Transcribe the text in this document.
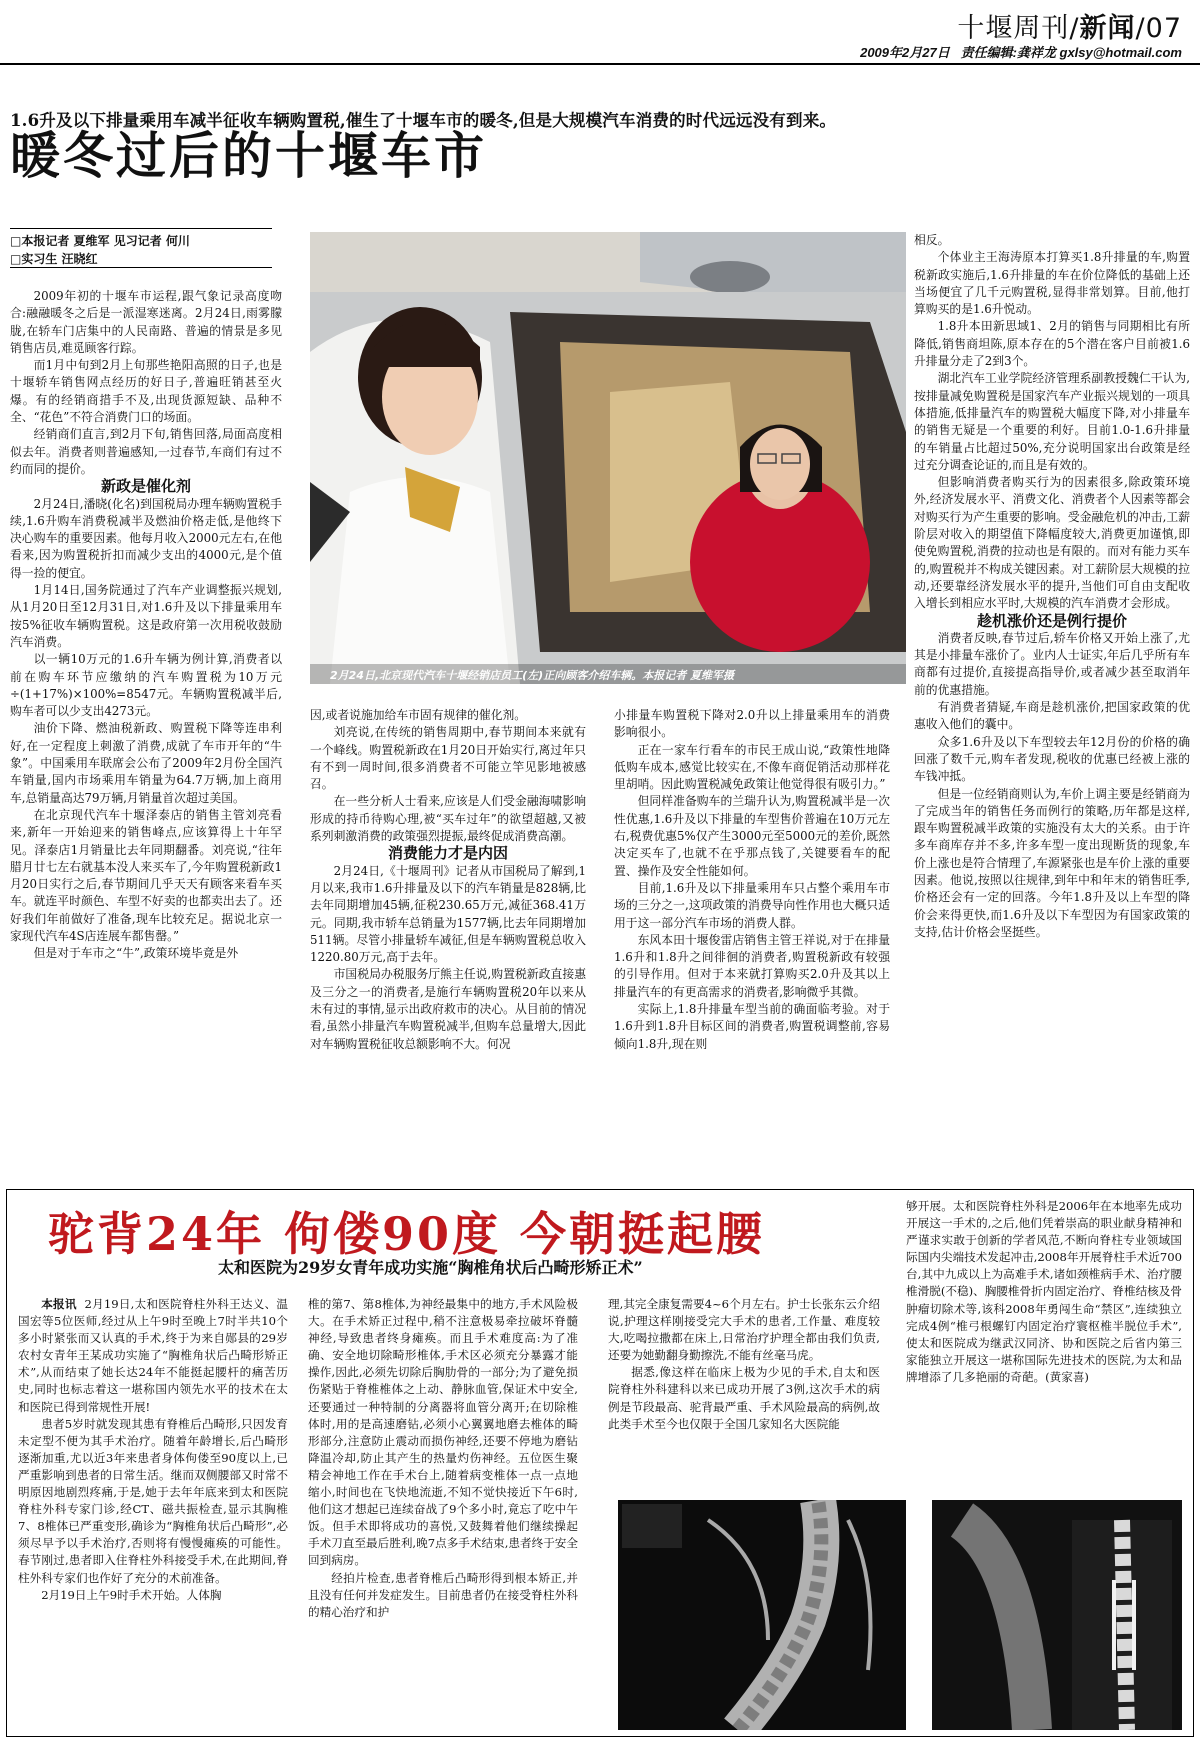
十堰周刊/新闻/07
2009年2月27日 责任编辑:龚祥龙 gxlsy@hotmail.com
1.6升及以下排量乘用车减半征收车辆购置税,催生了十堰车市的暖冬,但是大规模汽车消费的时代远远没有到来。
暖冬过后的十堰车市
□本报记者 夏维军 见习记者 何川
□实习生 汪晓红

2009年初的十堰车市运程,跟气象记录高度吻合:融融暖冬之后是一派湿寒迷离。2月24日,雨雾朦胧,在轿车门店集中的人民南路、普遍的情景是多见销售店员,难觅顾客行踪。

而1月中旬到2月上旬那些艳阳高照的日子,也是十堰轿车销售网点经历的好日子,普遍旺销甚至火爆。有的经销商措手不及,出现货源短缺、品种不全、“花色”不符合消费门口的场面。

经销商们直言,到2月下旬,销售回落,局面高度相似去年。消费者则普遍感知,一过春节,车商们有过不约而同的提价。

新政是催化剂

2月24日,潘晓(化名)到国税局办理车辆购置税手续,1.6升购车消费税减半及燃油价格走低,是他终下决心购车的重要因素。他每月收入2000元左右,在他看来,因为购置税折扣而减少支出的4000元,是个值得一捡的便宜。

1月14日,国务院通过了汽车产业调整振兴规划,从1月20日至12月31日,对1.6升及以下排量乘用车按5%征收车辆购置税。这是政府第一次用税收鼓励汽车消费。

以一辆10万元的1.6升车辆为例计算,消费者以前在购车环节应缴纳的汽车购置税为10万元÷(1+17%)×100%=8547元。车辆购置税减半后,购车者可以少支出4273元。

油价下降、燃油税新政、购置税下降等连串利好,在一定程度上刺激了消费,成就了车市开年的“牛象”。中国乘用车联席会公布了2009年2月份全国汽车销量,国内市场乘用车销量为64.7万辆,加上商用车,总销量高达79万辆,月销量首次超过美国。

在北京现代汽车十堰泽泰店的销售主管刘亮看来,新年一开始迎来的销售峰点,应该算得上十年罕见。泽泰店1月销量比去年同期翻番。刘亮说,“往年腊月廿七左右就基本没人来买车了,今年购置税新政1月20日实行之后,春节期间几乎天天有顾客来看车买车。就连平时颜色、车型不好卖的也都卖出去了。还好我们年前做好了准备,现车比较充足。据说北京一家现代汽车4S店连展车都售罄。”

但是对于车市之“牛”,政策环境毕竟是外

2月24日,北京现代汽车十堰经销店员工(左)正向顾客介绍车辆。本报记者 夏维军摄

因,或者说施加给车市固有规律的催化剂。

刘亮说,在传统的销售周期中,春节期间本来就有一个峰线。购置税新政在1月20日开始实行,离过年只有不到一周时间,很多消费者不可能立竿见影地被感召。

在一些分析人士看来,应该是人们受金融海啸影响形成的持币待购心理,被“买车过年”的欲望超越,又被系列刺激消费的政策强烈提振,最终促成消费高潮。

消费能力才是内因

2月24日,《十堰周刊》记者从市国税局了解到,1月以来,我市1.6升排量及以下的汽车销量是828辆,比去年同期增加45辆,征税230.65万元,减征368.41万元。同期,我市轿车总销量为1577辆,比去年同期增加511辆。尽管小排量轿车减征,但是车辆购置税总收入1220.80万元,高于去年。

市国税局办税服务厅熊主任说,购置税新政直接惠及三分之一的消费者,是施行车辆购置税20年以来从未有过的事情,显示出政府救市的决心。从目前的情况看,虽然小排量汽车购置税减半,但购车总量增大,因此对车辆购置税征收总额影响不大。何况

小排量车购置税下降对2.0升以上排量乘用车的消费影响很小。

正在一家车行看车的市民王成山说,“政策性地降低购车成本,感觉比较实在,不像车商促销活动那样花里胡哨。因此购置税减免政策让他觉得很有吸引力。”

但同样准备购车的兰瑞升认为,购置税减半是一次性优惠,1.6升及以下排量的车型售价普遍在10万元左右,税费优惠5%仅产生3000元至5000元的差价,既然决定买车了,也就不在乎那点钱了,关键要看车的配置、操作及安全性能如何。

目前,1.6升及以下排量乘用车只占整个乘用车市场的三分之一,这项政策的消费导向性作用也大概只适用于这一部分汽车市场的消费人群。

东风本田十堰俊雷店销售主管王祥说,对于在排量1.6升和1.8升之间徘徊的消费者,购置税新政有较强的引导作用。但对于本来就打算购买2.0升及其以上排量汽车的有更高需求的消费者,影响微乎其微。

实际上,1.8升排量车型当前的确面临考验。对于1.6升到1.8升目标区间的消费者,购置税调整前,容易倾向1.8升,现在则

相反。

个体业主王海涛原本打算买1.8升排量的车,购置税新政实施后,1.6升排量的车在价位降低的基础上还当场便宜了几千元购置税,显得非常划算。目前,他打算购买的是1.6升悦动。

1.8升本田新思域1、2月的销售与同期相比有所降低,销售商坦陈,原本存在的5个潜在客户目前被1.6升排量分走了2到3个。

湖北汽车工业学院经济管理系副教授魏仁干认为,按排量减免购置税是国家汽车产业振兴规划的一项具体措施,低排量汽车的购置税大幅度下降,对小排量车的销售无疑是一个重要的利好。目前1.0-1.6升排量的车销量占比超过50%,充分说明国家出台政策是经过充分调查论证的,而且是有效的。

但影响消费者购买行为的因素很多,除政策环境外,经济发展水平、消费文化、消费者个人因素等都会对购买行为产生重要的影响。受金融危机的冲击,工薪阶层对收入的期望值下降幅度较大,消费更加谨慎,即使免购置税,消费的拉动也是有限的。而对有能力买车的,购置税并不构成关键因素。对工薪阶层大规模的拉动,还要靠经济发展水平的提升,当他们可自由支配收入增长到相应水平时,大规模的汽车消费才会形成。

趁机涨价还是例行提价

消费者反映,春节过后,轿车价格又开始上涨了,尤其是小排量车涨价了。业内人士证实,年后几乎所有车商都有过提价,直接提高指导价,或者减少甚至取消年前的优惠措施。

有消费者猜疑,车商是趁机涨价,把国家政策的优惠收入他们的囊中。

众多1.6升及以下车型较去年12月份的价格的确回涨了数千元,购车者发现,税收的优惠已经被上涨的车钱冲抵。

但是一位经销商则认为,车价上调主要是经销商为了完成当年的销售任务而例行的策略,历年都是这样,跟车购置税减半政策的实施没有太大的关系。由于许多车商库存并不多,许多车型一度出现断货的现象,车价上涨也是符合情理了,车源紧张也是车价上涨的重要因素。他说,按照以往规律,到年中和年末的销售旺季,价格还会有一定的回落。今年1.8升及以上车型的降价会来得更快,而1.6升及以下车型因为有国家政策的支持,估计价格会坚挺些。

驼背24年 佝偻90度 今朝挺起腰
太和医院为29岁女青年成功实施“胸椎角状后凸畸形矫正术”

本报讯 2月19日,太和医院脊柱外科王达义、温国宏等5位医师,经过从上午9时至晚上7时半共10个多小时紧张而又认真的手术,终于为来自郧县的29岁农村女青年王某成功实施了“胸椎角状后凸畸形矫正术”,从而结束了她长达24年不能挺起腰杆的痛苦历史,同时也标志着这一堪称国内领先水平的技术在太和医院已得到常规性开展!

患者5岁时就发现其患有脊椎后凸畸形,只因发育未定型不便为其手术治疗。随着年龄增长,后凸畸形逐渐加重,尤以近3年来患者身体佝偻至90度以上,已严重影响到患者的日常生活。继而双侧腰部又时常不明原因地剧烈疼痛,于是,她于去年年底来到太和医院脊柱外科专家门诊,经CT、磁共振检查,显示其胸椎7、8椎体已严重变形,确诊为“胸椎角状后凸畸形”,必须尽早予以手术治疗,否则将有慢慢瘫痪的可能性。春节刚过,患者即入住脊柱外科接受手术,在此期间,脊柱外科专家们也作好了充分的术前准备。

2月19日上午9时手术开始。人体胸

椎的第7、第8椎体,为神经最集中的地方,手术风险极大。在手术矫正过程中,稍不注意极易牵拉破坏脊髓神经,导致患者终身瘫痪。而且手术难度高:为了准确、安全地切除畸形椎体,手术区必须充分暴露才能操作,因此,必须先切除后胸肋骨的一部分;为了避免损伤紧贴于脊椎椎体之上动、静脉血管,保证术中安全,还要通过一种特制的分离器将血管分离开;在切除椎体时,用的是高速磨钻,必须小心翼翼地磨去椎体的畸形部分,注意防止震动而损伤神经,还要不停地为磨钻降温冷却,防止其产生的热量灼伤神经。五位医生聚精会神地工作在手术台上,随着病变椎体一点一点地缩小,时间也在飞快地流逝,不知不觉快接近下午6时,他们这才想起已连续奋战了9个多小时,竟忘了吃中午饭。但手术即将成功的喜悦,又鼓舞着他们继续操起手术刀直至最后胜利,晚7点多手术结束,患者终于安全回到病房。

经拍片检查,患者脊椎后凸畸形得到根本矫正,并且没有任何并发症发生。目前患者仍在接受脊柱外科的精心治疗和护

理,其完全康复需要4~6个月左右。护士长张东云介绍说,护理这样刚接受完大手术的患者,工作量、难度较大,吃喝拉撒都在床上,日常治疗护理全都由我们负责,还要为她勤翻身勤擦洗,不能有丝毫马虎。

据悉,像这样在临床上极为少见的手术,自太和医院脊柱外科建科以来已成功开展了3例,这次手术的病例是节段最高、驼背最严重、手术风险最高的病例,故此类手术至今也仅限于全国几家知名大医院能

够开展。太和医院脊柱外科是2006年在本地率先成功开展这一手术的,之后,他们凭着崇高的职业献身精神和严谨求实敢于创新的学者风范,不断向脊柱专业领域国际国内尖端技术发起冲击,2008年开展脊柱手术近700台,其中九成以上为高难手术,诸如颈椎病手术、治疗腰椎滑脱(不稳)、胸腰椎骨折内固定治疗、脊椎结核及骨肿瘤切除术等,该科2008年勇闯生命“禁区”,连续独立完成4例“椎弓根螺钉内固定治疗寰枢椎半脱位手术”,使太和医院成为继武汉同济、协和医院之后省内第三家能独立开展这一堪称国际先进技术的医院,为太和品牌增添了几多艳丽的奇葩。(黄家喜)
